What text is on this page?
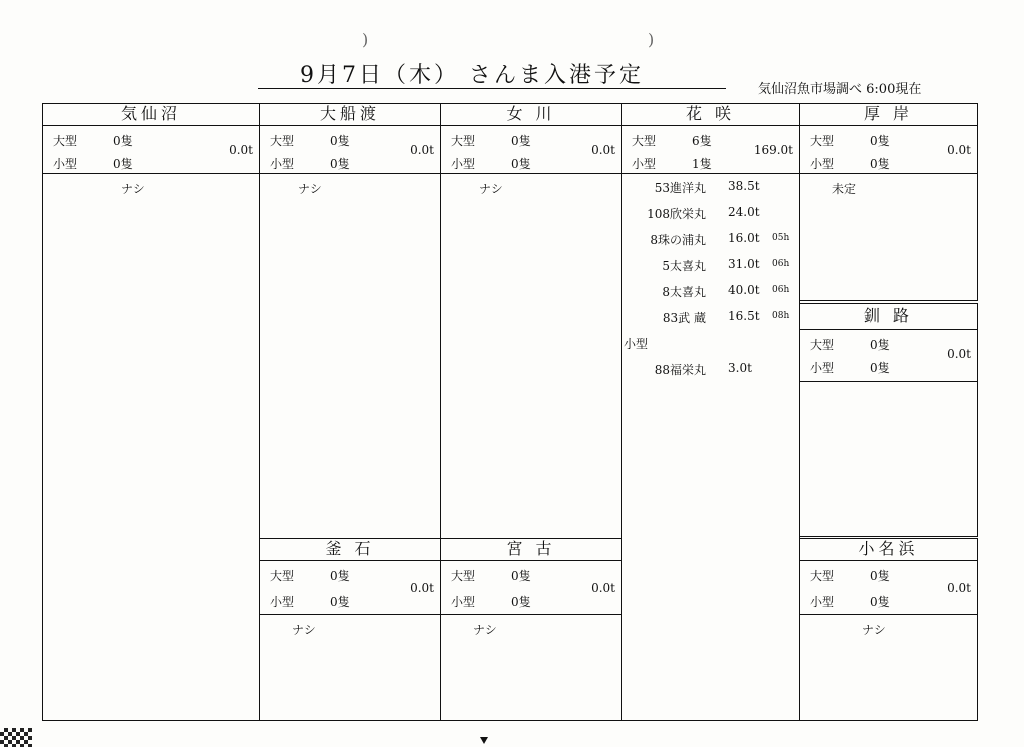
)	)
9月7日（木） さんま入港予定
気仙沼魚市場調べ 6:00現在
気仙沼
大型	0隻
小型	0隻
0.0t
ナシ
大船渡
大型	0隻
小型	0隻
0.0t
ナシ
女 川
大型	0隻
小型	0隻
0.0t
ナシ
花 咲
大型	6隻
小型	1隻
169.0t
53進洋丸 38.5t
108欣栄丸 24.0t
8珠の浦丸 16.0t 05h
5太喜丸 31.0t 06h
8太喜丸 40.0t 06h
83武 蔵 16.5t 08h
小型
88福栄丸 3.0t
厚 岸
大型	0隻
小型	0隻
0.0t
未定
釧 路
大型	0隻
小型	0隻
0.0t
釜 石
大型	0隻
小型	0隻
0.0t
ナシ
宮 古
大型	0隻
小型	0隻
0.0t
ナシ
小名浜
大型	0隻
小型	0隻
0.0t
ナシ
